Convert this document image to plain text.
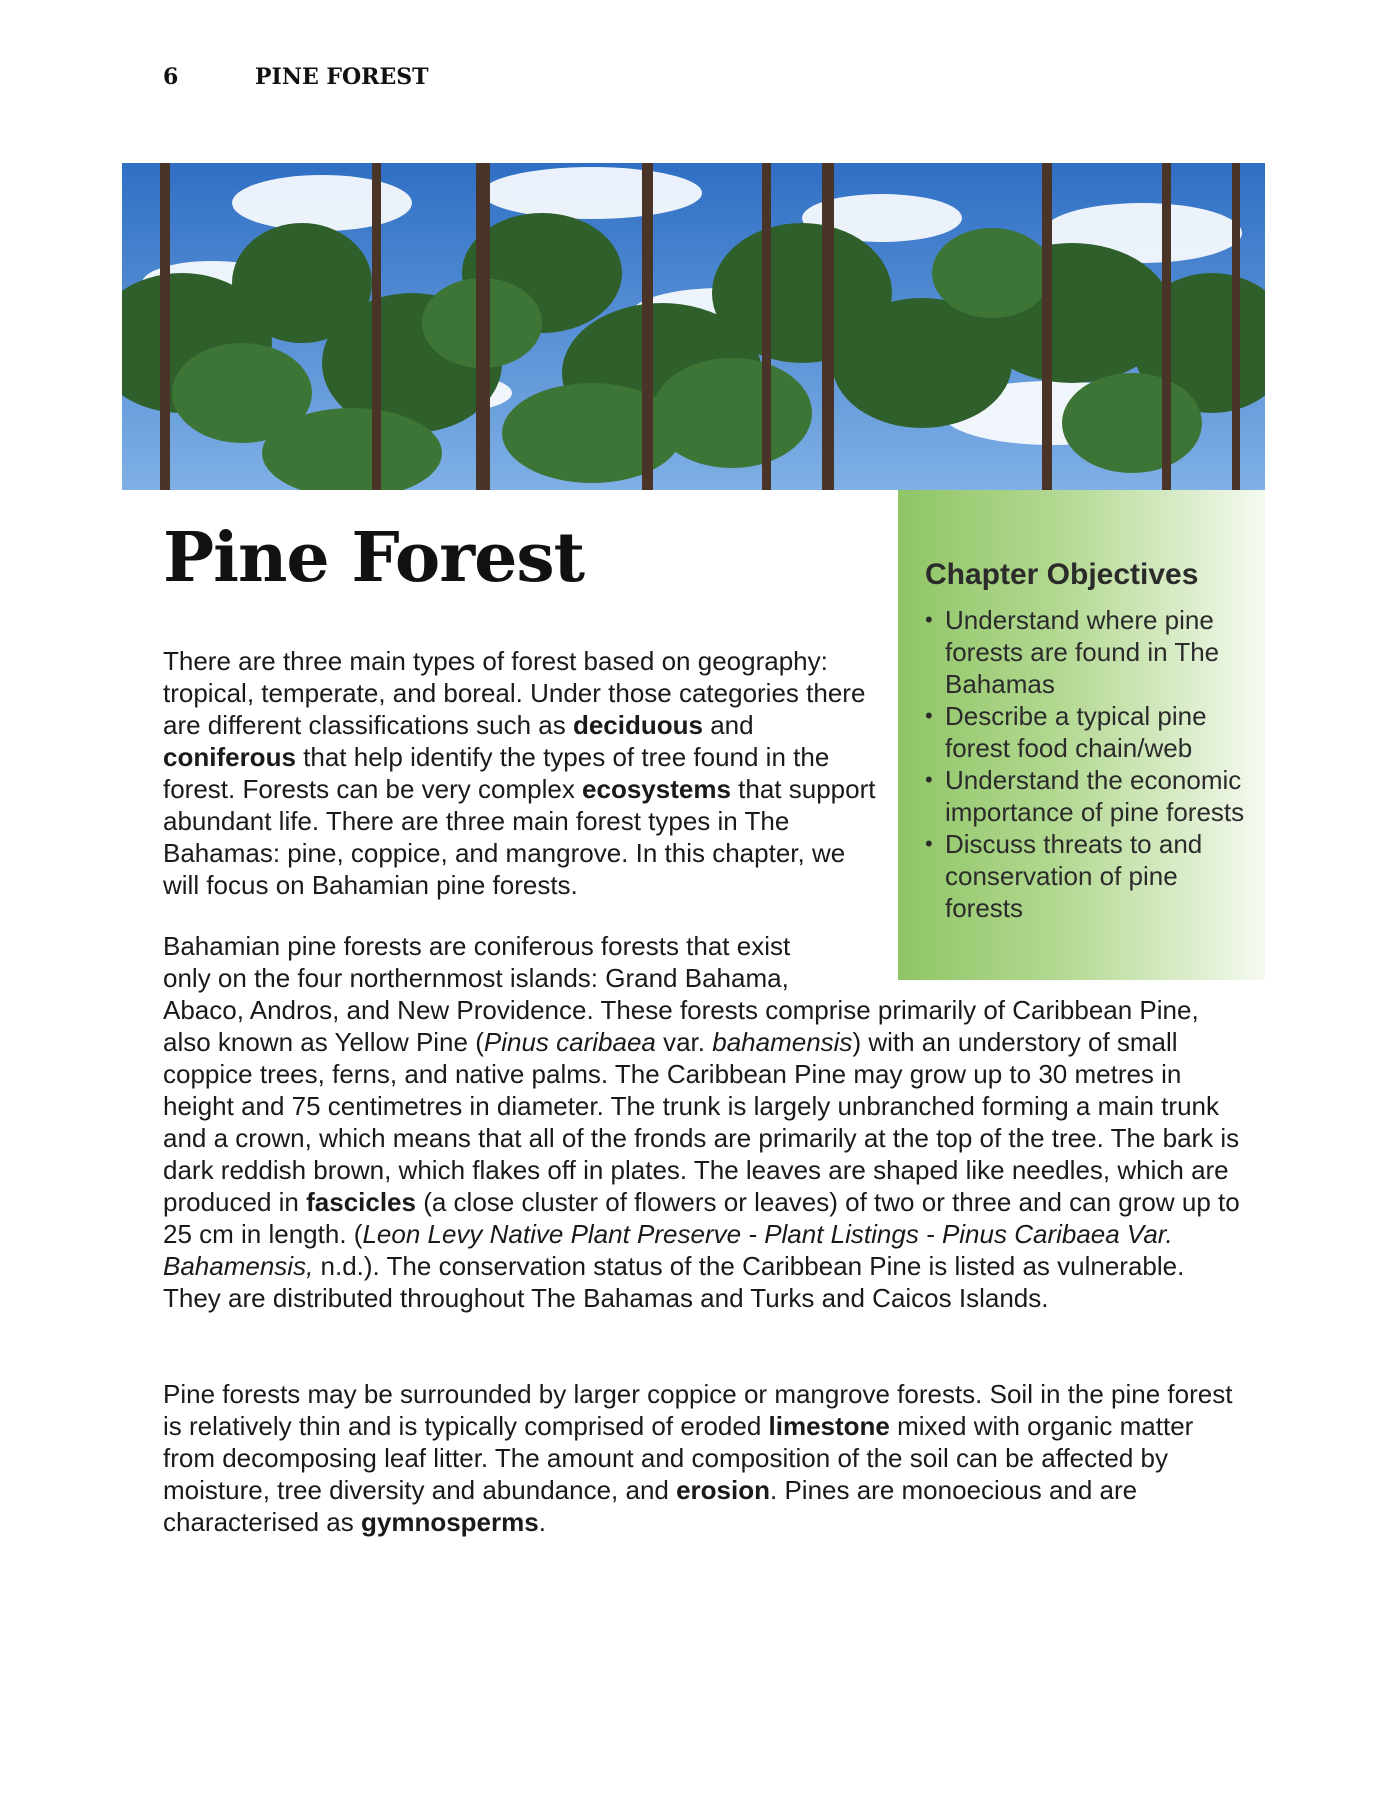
6	PINE FOREST
Chapter Objectives
• Understand where pine forests are found in The Bahamas
• Describe a typical pine forest food chain/web
• Understand the economic importance of pine forests
• Discuss threats to and conservation of pine forests
Pine Forest

There are three main types of forest based on geography: tropical, temperate, and boreal. Under those categories there are different classifications such as deciduous and coniferous that help identify the types of tree found in the forest. Forests can be very complex ecosystems that support abundant life. There are three main forest types in The Bahamas: pine, coppice, and mangrove. In this chapter, we will focus on Bahamian pine forests.

Bahamian pine forests are coniferous forests that exist only on the four northernmost islands: Grand Bahama, Abaco, Andros, and New Providence. These forests comprise primarily of Caribbean Pine, also known as Yellow Pine (Pinus caribaea var. bahamensis) with an understory of small coppice trees, ferns, and native palms. The Caribbean Pine may grow up to 30 metres in height and 75 centimetres in diameter. The trunk is largely unbranched forming a main trunk and a crown, which means that all of the fronds are primarily at the top of the tree. The bark is dark reddish brown, which flakes off in plates. The leaves are shaped like needles, which are produced in fascicles (a close cluster of flowers or leaves) of two or three and can grow up to 25 cm in length. (Leon Levy Native Plant Preserve - Plant Listings - Pinus Caribaea Var. Bahamensis, n.d.). The conservation status of the Caribbean Pine is listed as vulnerable. They are distributed throughout The Bahamas and Turks and Caicos Islands.

Pine forests may be surrounded by larger coppice or mangrove forests. Soil in the pine forest is relatively thin and is typically comprised of eroded limestone mixed with organic matter from decomposing leaf litter. The amount and composition of the soil can be affected by moisture, tree diversity and abundance, and erosion. Pines are monoecious and are characterised as gymnosperms.
